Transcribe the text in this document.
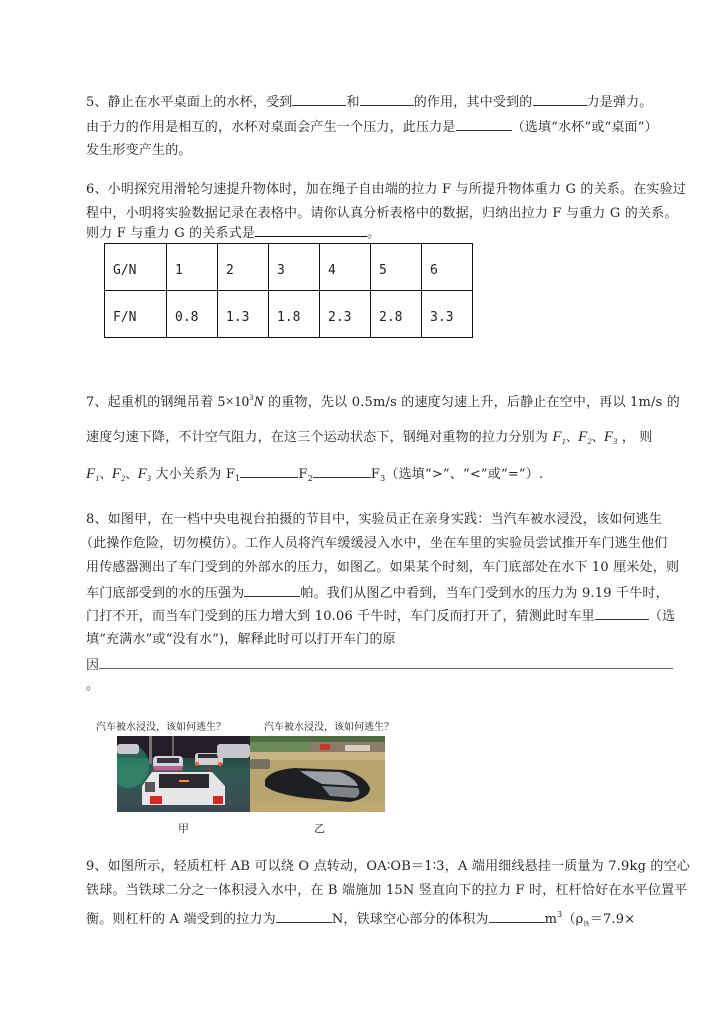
5、静止在水平桌面上的水杯，受到	和	的作用，其中受到的	力是弹力。
由于力的作用是相互的，水杯对桌面会产生一个压力，此压力是	（选填“水杯”或“桌面”）
发生形变产生的。
6、小明探究用滑轮匀速提升物体时，加在绳子自由端的拉力 F 与所提升物体重力 G 的关系。在实验过
程中，小明将实验数据记录在表格中。请你认真分析表格中的数据，归纳出拉力 F 与重力 G 的关系。
则力 F 与重力 G 的关系式是	。
G/N	1	2	3	4	5	6
F/N	0.8	1.3	1.8	2.3	2.8	3.3
7、起重机的钢绳吊着 $5\times 10^3N$ 的重物，先以 0.5m/s 的速度匀速上升，后静止在空中，再以 1m/s 的
速度匀速下降，不计空气阻力，在这三个运动状态下，钢绳对重物的拉力分别为 $F_1$、$F_2$、$F_3$ ， 则
$F_1$、$F_2$、$F_3$ 大小关系为 $F_1$	$F_2$	$F_3$（选填“>”、“<”或“=”）.
8、如图甲，在一档中央电视台拍摄的节目中，实验员正在亲身实践：当汽车被水浸没，该如何逃生
（此操作危险，切勿模仿）。工作人员将汽车缓缓浸入水中，坐在车里的实验员尝试推开车门逃生他们
用传感器测出了车门受到的外部水的压力，如图乙。如果某个时刻，车门底部处在水下 10 厘米处，则
车门底部受到的水的压强为	帕。我们从图乙中看到，当车门受到水的压力为 9.19 千牛时，
门打不开，而当车门受到的压力增大到 10.06 千牛时，车门反而打开了，猜测此时车里	（选
填“充满水”或“没有水”)，解释此时可以打开车门的原
因
。
汽车被水浸没，该如何逃生？	汽车被水浸没，该如何逃生？
甲	乙
9、如图所示，轻质杠杆 AB 可以绕 O 点转动，OA∶OB＝1∶3，A 端用细线悬挂一质量为 7.9kg 的空心
铁球。当铁球二分之一体积浸入水中，在 B 端施加 15N 竖直向下的拉力 F 时，杠杆恰好在水平位置平
衡。则杠杆的 A 端受到的拉力为	N，铁球空心部分的体积为	$m^3(\rho_铁=7.9\times$
